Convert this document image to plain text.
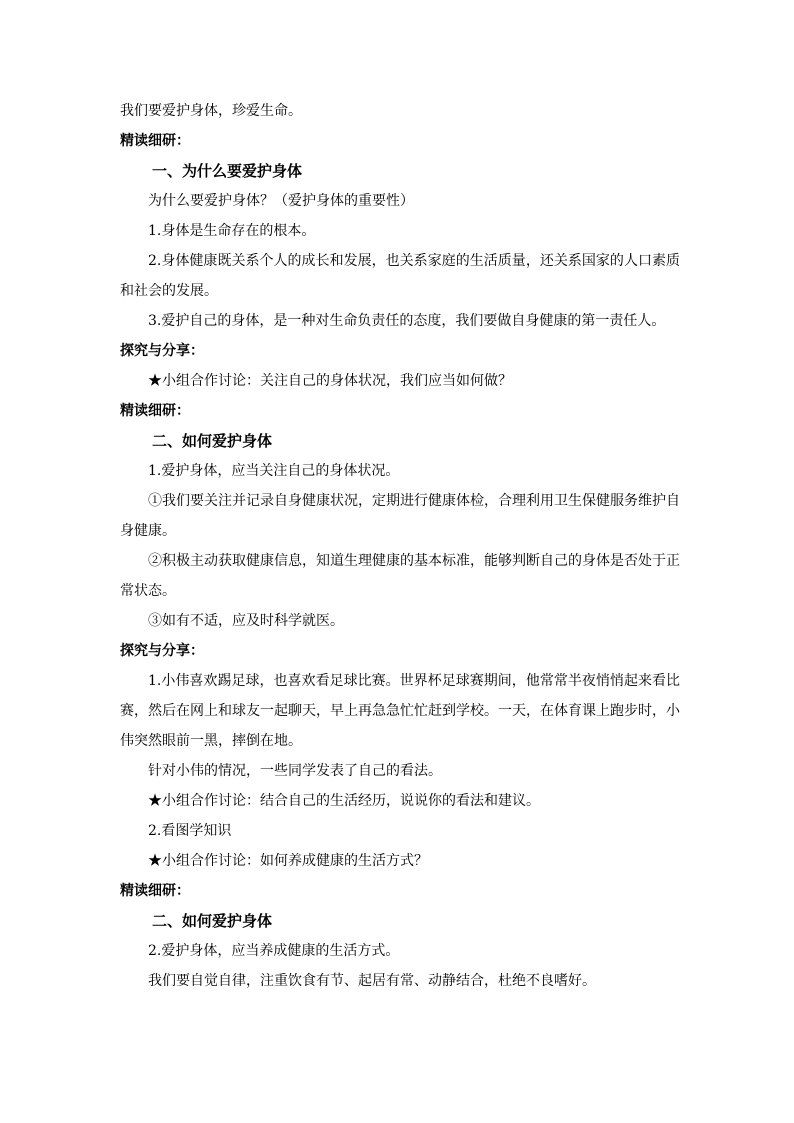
我们要爱护身体，珍爱生命。
精读细研：
一、为什么要爱护身体
为什么要爱护身体？（爱护身体的重要性）
1.身体是生命存在的根本。
2.身体健康既关系个人的成长和发展，也关系家庭的生活质量，还关系国家的人口素质和社会的发展。
3.爱护自己的身体，是一种对生命负责任的态度，我们要做自身健康的第一责任人。
探究与分享：
★小组合作讨论：关注自己的身体状况，我们应当如何做？
精读细研：
二、如何爱护身体
1.爱护身体，应当关注自己的身体状况。
①我们要关注并记录自身健康状况，定期进行健康体检，合理利用卫生保健服务维护自身健康。
②积极主动获取健康信息，知道生理健康的基本标准，能够判断自己的身体是否处于正常状态。
③如有不适，应及时科学就医。
探究与分享：
1.小伟喜欢踢足球，也喜欢看足球比赛。世界杯足球赛期间，他常常半夜悄悄起来看比赛，然后在网上和球友一起聊天，早上再急急忙忙赶到学校。一天，在体育课上跑步时，小伟突然眼前一黑，摔倒在地。
针对小伟的情况，一些同学发表了自己的看法。
★小组合作讨论：结合自己的生活经历，说说你的看法和建议。
2.看图学知识
★小组合作讨论：如何养成健康的生活方式？
精读细研：
二、如何爱护身体
2.爱护身体，应当养成健康的生活方式。
我们要自觉自律，注重饮食有节、起居有常、动静结合，杜绝不良嗜好。
